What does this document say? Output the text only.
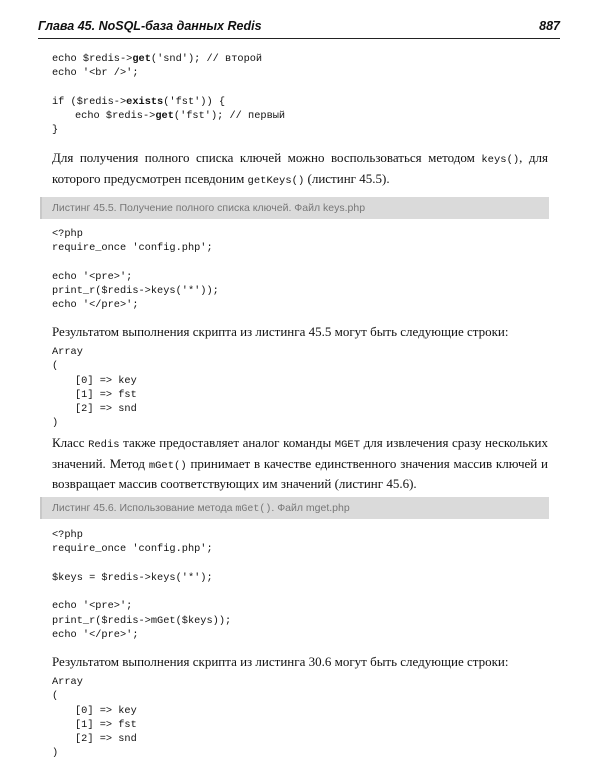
Глава 45. NoSQL-база данных Redis	887
echo $redis->get('snd'); // второй
echo '<br />';

if ($redis->exists('fst')) {
echo $redis->get('fst'); // первый
}

Для получения полного списка ключей можно воспользоваться методом keys(), для которого предусмотрен псевдоним getKeys() (листинг 45.5).

Листинг 45.5. Получение полного списка ключей. Файл keys.php
<?php
require_once 'config.php';

echo '<pre>';
print_r($redis->keys('*'));
echo '</pre>';

Результатом выполнения скрипта из листинга 45.5 могут быть следующие строки:

Array
(
[0] => key
[1] => fst
[2] => snd
)

Класс Redis также предоставляет аналог команды MGET для извлечения сразу нескольких значений. Метод mGet() принимает в качестве единственного значения массив ключей и возвращает массив соответствующих им значений (листинг 45.6).

Листинг 45.6. Использование метода mGet(). Файл mget.php
<?php
require_once 'config.php';

$keys = $redis->keys('*');

echo '<pre>';
print_r($redis->mGet($keys));
echo '</pre>';

Результатом выполнения скрипта из листинга 30.6 могут быть следующие строки:

Array
(
[0] => key
[1] => fst
[2] => snd
)
